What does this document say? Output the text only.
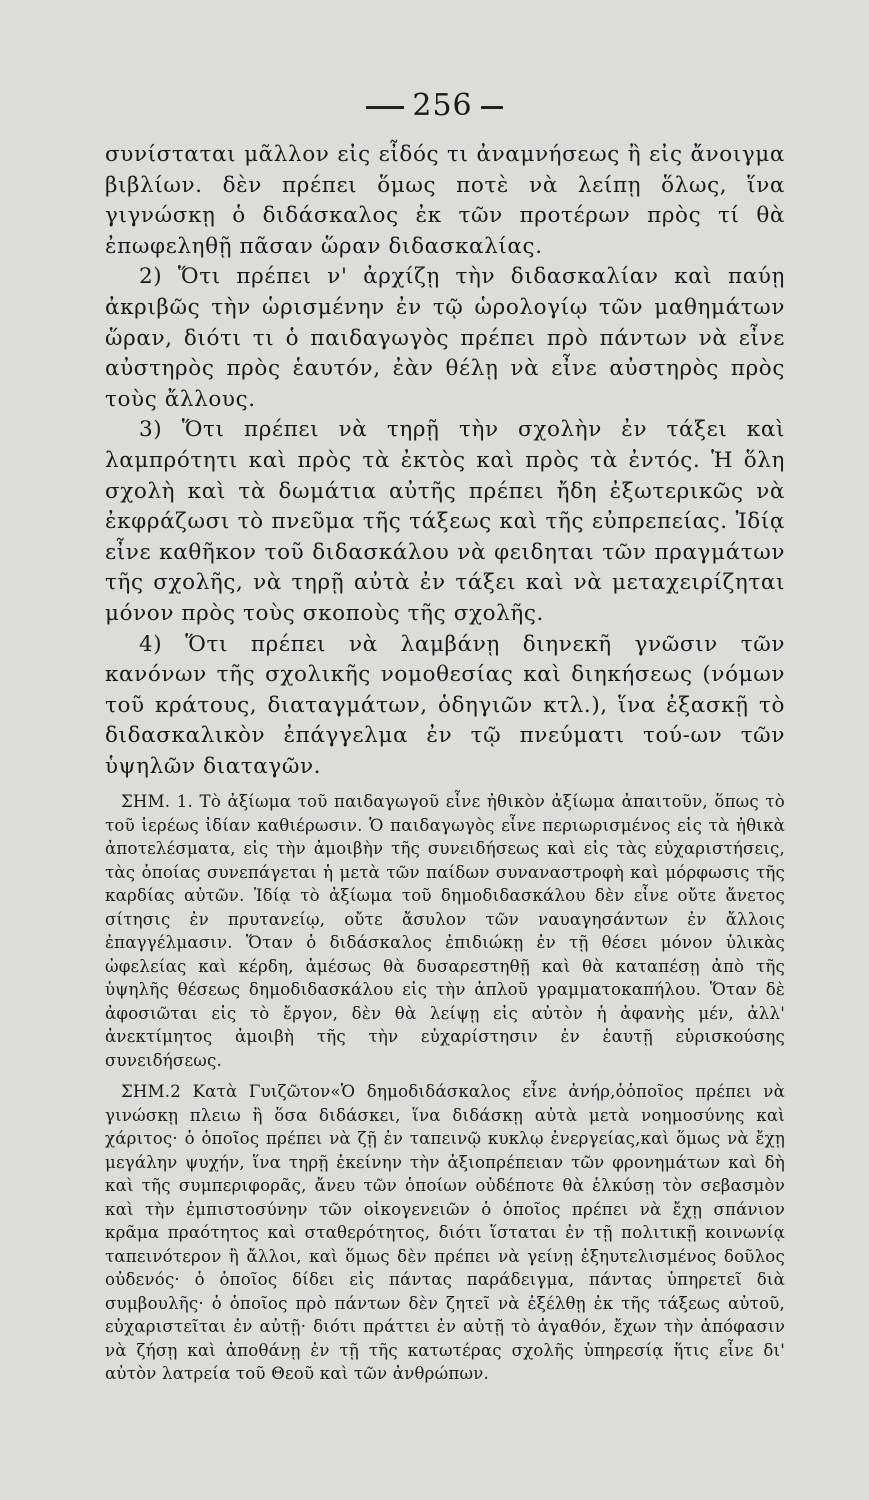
256

συνίσταται μᾶλλον εἰς εἶδός τι ἀναμνήσεως ἢ εἰς ἄνοιγμα βιβλίων. δὲν πρέπει ὅμως ποτὲ νὰ λείπῃ ὅλως, ἵνα γιγνώσκῃ ὁ διδάσκαλος ἐκ τῶν προτέρων πρὸς τί θὰ ἐπωφεληθῇ πᾶσαν ὥραν διδασκαλίας.

2) Ὅτι πρέπει ν' ἀρχίζῃ τὴν διδασκαλίαν καὶ παύῃ ἀκριβῶς τὴν ὡρισμένην ἐν τῷ ὡρολογίῳ τῶν μαθημάτων ὥραν, διότι τι ὁ παιδαγωγὸς πρέπει πρὸ πάντων νὰ εἶνε αὐστηρὸς πρὸς ἑαυτόν, ἐὰν θέλῃ νὰ εἶνε αὐστηρὸς πρὸς τοὺς ἄλλους.

3) Ὅτι πρέπει νὰ τηρῇ τὴν σχολὴν ἐν τάξει καὶ λαμπρότητι καὶ πρὸς τὰ ἐκτὸς καὶ πρὸς τὰ ἐντός. Ἡ ὅλη σχολὴ καὶ τὰ δωμάτια αὐτῆς πρέπει ἤδη ἐξωτερικῶς νὰ ἐκφράζωσι τὸ πνεῦμα τῆς τάξεως καὶ τῆς εὐπρεπείας. Ἰδίᾳ εἶνε καθῆκον τοῦ διδασκάλου νὰ φειδηται τῶν πραγμάτων τῆς σχολῆς, νὰ τηρῇ αὐτὰ ἐν τάξει καὶ νὰ μεταχειρίζηται μόνον πρὸς τοὺς σκοποὺς τῆς σχολῆς.

4) Ὅτι πρέπει νὰ λαμβάνῃ διηνεκῆ γνῶσιν τῶν κανόνων τῆς σχολικῆς νομοθεσίας καὶ διηκήσεως (νόμων τοῦ κράτους, διαταγμάτων, ὁδηγιῶν κτλ.), ἵνα ἐξασκῇ τὸ διδασκαλικὸν ἐπάγγελμα ἐν τῷ πνεύματι τού-ων τῶν ὑψηλῶν διαταγῶν.

ΣΗΜ. 1. Τὸ ἀξίωμα τοῦ παιδαγωγοῦ εἶνε ἠθικὸν ἀξίωμα ἀπαιτοῦν, ὅπως τὸ τοῦ ἱερέως ἰδίαν καθιέρωσιν. Ὁ παιδαγωγὸς εἶνε περιωρισμένος εἰς τὰ ἠθικὰ ἀποτελέσματα, εἰς τὴν ἀμοιβὴν τῆς συνειδήσεως καὶ εἰς τὰς εὐχαριστήσεις, τὰς ὁποίας συνεπάγεται ἡ μετὰ τῶν παίδων συναναστροφὴ καὶ μόρφωσις τῆς καρδίας αὐτῶν. Ἰδίᾳ τὸ ἀξίωμα τοῦ δημοδιδασκάλου δὲν εἶνε οὔτε ἄνετος σίτησις ἐν πρυτανείῳ, οὔτε ἄσυλον τῶν ναυαγησάντων ἐν ἄλλοις ἐπαγγέλμασιν. Ὅταν ὁ διδάσκαλος ἐπιδιώκῃ ἐν τῇ θέσει μόνον ὑλικὰς ὠφελείας καὶ κέρδη, ἀμέσως θὰ δυσαρεστηθῇ καὶ θὰ καταπέσῃ ἀπὸ τῆς ὑψηλῆς θέσεως δημοδιδασκάλου εἰς τὴν ἁπλοῦ γραμματοκαπήλου. Ὅταν δὲ ἀφοσιῶται εἰς τὸ ἔργον, δὲν θὰ λείψῃ εἰς αὐτὸν ἡ ἀφανὴς μέν, ἀλλ' ἀνεκτίμητος ἀμοιβὴ τῆς τὴν εὐχαρίστησιν ἐν ἑαυτῇ εὑρισκούσης συνειδήσεως.

ΣΗΜ.2 Κατὰ Γυιζῶτον«Ὁ δημοδιδάσκαλος εἶνε ἀνήρ,ὁὁποῖος πρέπει νὰ γινώσκῃ πλειω ἢ ὅσα διδάσκει, ἵνα διδάσκῃ αὐτὰ μετὰ νοημοσύνης καὶ χάριτος· ὁ ὁποῖος πρέπει νὰ ζῇ ἐν ταπεινῷ κυκλῳ ἐνεργείας,καὶ ὅμως νὰ ἔχῃ μεγάλην ψυχήν, ἵνα τηρῇ ἐκείνην τὴν ἀξιοπρέπειαν τῶν φρονημάτων καὶ δὴ καὶ τῆς συμπεριφορᾶς, ἄνευ τῶν ὁποίων οὐδέποτε θὰ ἑλκύσῃ τὸν σεβασμὸν καὶ τὴν ἐμπιστοσύνην τῶν οἰκογενειῶν ὁ ὁποῖος πρέπει νὰ ἔχῃ σπάνιον κρᾶμα πραότητος καὶ σταθερότητος, διότι ἵσταται ἐν τῇ πολιτικῇ κοινωνίᾳ ταπεινότερον ἢ ἄλλοι, καὶ ὅμως δὲν πρέπει νὰ γείνῃ ἐξηυτελισμένος δοῦλος οὐδενός· ὁ ὁποῖος δίδει εἰς πάντας παράδειγμα, πάντας ὑπηρετεῖ διὰ συμβουλῆς· ὁ ὁποῖος πρὸ πάντων δὲν ζητεῖ νὰ ἐξέλθῃ ἐκ τῆς τάξεως αὐτοῦ, εὐχαριστεῖται ἐν αὐτῇ· διότι πράττει ἐν αὐτῇ τὸ ἀγαθόν, ἔχων τὴν ἀπόφασιν νὰ ζήσῃ καὶ ἀποθάνῃ ἐν τῇ τῆς κατωτέρας σχολῆς ὑπηρεσίᾳ ἥτις εἶνε δι' αὐτὸν λατρεία τοῦ Θεοῦ καὶ τῶν ἀνθρώπων.
